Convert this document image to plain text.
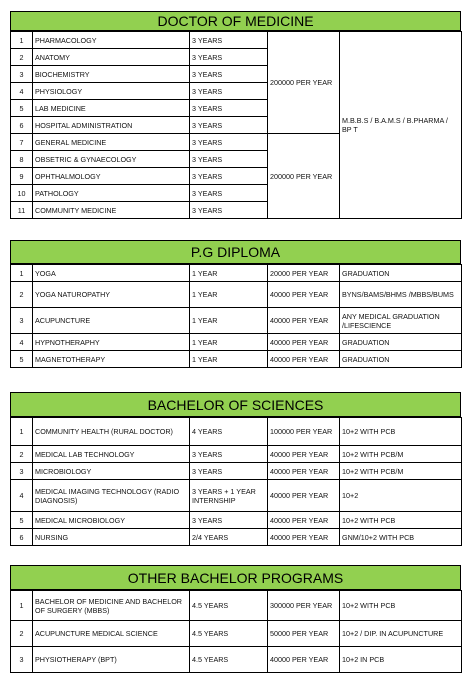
DOCTOR OF MEDICINE
1	PHARMACOLOGY	3 YEARS	200000 PER YEAR	M.B.B.S / B.A.M.S / B.PHARMA / BP T
2	ANATOMY	3 YEARS		
3	BIOCHEMISTRY	3 YEARS		
4	PHYSIOLOGY	3 YEARS		
5	LAB MEDICINE	3 YEARS		
6	HOSPITAL ADMINISTRATION	3 YEARS		
7	GENERAL MEDICINE	3 YEARS	200000 PER YEAR	
8	OBSETRIC & GYNAECOLOGY	3 YEARS		
9	OPHTHALMOLOGY	3 YEARS		
10	PATHOLOGY	3 YEARS		
11	COMMUNITY MEDICINE	3 YEARS		
P.G DIPLOMA
1	YOGA	1 YEAR	20000 PER YEAR	GRADUATION
2	YOGA NATUROPATHY	1 YEAR	40000 PER YEAR	BYNS/BAMS/BHMS /MBBS/BUMS
3	ACUPUNCTURE	1 YEAR	40000 PER YEAR	ANY MEDICAL GRADUATION /LIFESCIENCE
4	HYPNOTHERAPHY	1 YEAR	40000 PER YEAR	GRADUATION
5	MAGNETOTHERAPY	1 YEAR	40000 PER YEAR	GRADUATION
BACHELOR OF SCIENCES
1	COMMUNITY HEALTH (RURAL DOCTOR)	4 YEARS	100000 PER YEAR	10+2 WITH PCB
2	MEDICAL LAB TECHNOLOGY	3 YEARS	40000 PER YEAR	10+2 WITH PCB/M
3	MICROBIOLOGY	3 YEARS	40000 PER YEAR	10+2 WITH PCB/M
4	MEDICAL IMAGING TECHNOLOGY (RADIO DIAGNOSIS)	3 YEARS + 1 YEAR INTERNSHIP	40000 PER YEAR	10+2
5	MEDICAL MICROBIOLOGY	3 YEARS	40000 PER YEAR	10+2 WITH PCB
6	NURSING	2/4 YEARS	40000 PER YEAR	GNM/10+2 WITH PCB
OTHER BACHELOR PROGRAMS
1	BACHELOR OF MEDICINE AND BACHELOR OF SURGERY (MBBS)	4.5 YEARS	300000 PER YEAR	10+2 WITH PCB
2	ACUPUNCTURE MEDICAL SCIENCE	4.5 YEARS	50000 PER YEAR	10+2 / DIP. IN ACUPUNCTURE
3	PHYSIOTHERAPY (BPT)	4.5 YEARS	40000 PER YEAR	10+2 IN PCB
